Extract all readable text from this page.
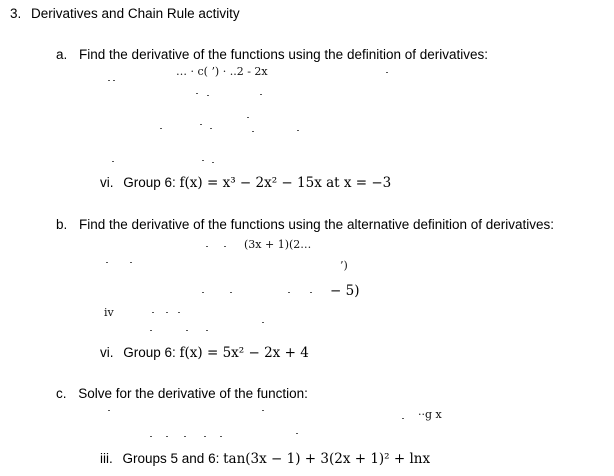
3. Derivatives and Chain Rule activity
a. Find the derivative of the functions using the definition of derivatives:
… · c( ’) · ..2 - 2x
vi. Group 6: f(x) = x³ − 2x² − 15x at x = −3
b. Find the derivative of the functions using the alternative definition of derivatives:
(3x + 1)(2…
’)
− 5)
iv
vi. Group 6: f(x) = 5x² − 2x + 4
c. Solve for the derivative of the function:
··g x
iii. Groups 5 and 6: tan(3x − 1) + 3(2x + 1)² + lnx
